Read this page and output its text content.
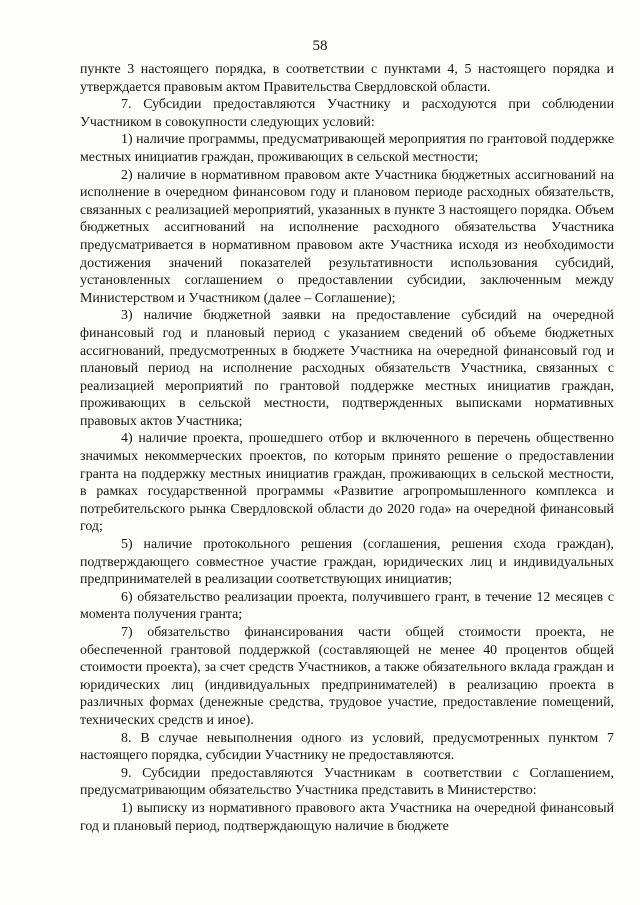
58

пункте 3 настоящего порядка, в соответствии с пунктами 4, 5 настоящего порядка и утверждается правовым актом Правительства Свердловской области.

7. Субсидии предоставляются Участнику и расходуются при соблюдении Участником в совокупности следующих условий:

1) наличие программы, предусматривающей мероприятия по грантовой поддержке местных инициатив граждан, проживающих в сельской местности;

2) наличие в нормативном правовом акте Участника бюджетных ассигнований на исполнение в очередном финансовом году и плановом периоде расходных обязательств, связанных с реализацией мероприятий, указанных в пункте 3 настоящего порядка. Объем бюджетных ассигнований на исполнение расходного обязательства Участника предусматривается в нормативном правовом акте Участника исходя из необходимости достижения значений показателей результативности использования субсидий, установленных соглашением о предоставлении субсидии, заключенным между Министерством и Участником (далее – Соглашение);

3) наличие бюджетной заявки на предоставление субсидий на очередной финансовый год и плановый период с указанием сведений об объеме бюджетных ассигнований, предусмотренных в бюджете Участника на очередной финансовый год и плановый период на исполнение расходных обязательств Участника, связанных с реализацией мероприятий по грантовой поддержке местных инициатив граждан, проживающих в сельской местности, подтвержденных выписками нормативных правовых актов Участника;

4) наличие проекта, прошедшего отбор и включенного в перечень общественно значимых некоммерческих проектов, по которым принято решение о предоставлении гранта на поддержку местных инициатив граждан, проживающих в сельской местности, в рамках государственной программы «Развитие агропромышленного комплекса и потребительского рынка Свердловской области до 2020 года» на очередной финансовый год;

5) наличие протокольного решения (соглашения, решения схода граждан), подтверждающего совместное участие граждан, юридических лиц и индивидуальных предпринимателей в реализации соответствующих инициатив;

6) обязательство реализации проекта, получившего грант, в течение 12 месяцев с момента получения гранта;

7) обязательство финансирования части общей стоимости проекта, не обеспеченной грантовой поддержкой (составляющей не менее 40 процентов общей стоимости проекта), за счет средств Участников, а также обязательного вклада граждан и юридических лиц (индивидуальных предпринимателей) в реализацию проекта в различных формах (денежные средства, трудовое участие, предоставление помещений, технических средств и иное).

8. В случае невыполнения одного из условий, предусмотренных пунктом 7 настоящего порядка, субсидии Участнику не предоставляются.

9. Субсидии предоставляются Участникам в соответствии с Соглашением, предусматривающим обязательство Участника представить в Министерство:

1) выписку из нормативного правового акта Участника на очередной финансовый год и плановый период, подтверждающую наличие в бюджете
